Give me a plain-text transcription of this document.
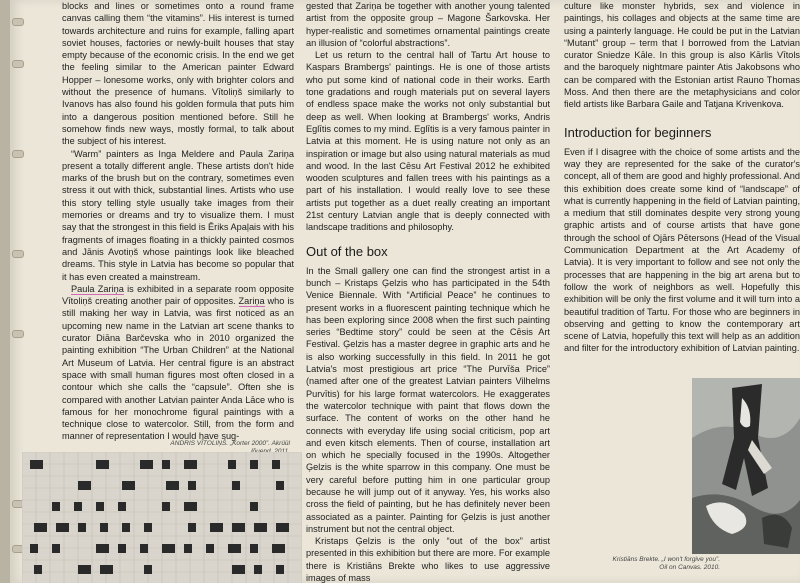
blocks and lines or sometimes onto a round frame canvas calling them “the vitamins”. His interest is turned towards architecture and ruins for example, falling apart soviet houses, factories or newly-built houses that stay empty because of the economic crisis. In the end we get the feeling similar to the American painter Edward Hopper – lonesome works, only with brighter colors and without the presence of humans. Vītoliņš similarly to Ivanovs has also found his golden formula that puts him into a dangerous position mentioned before. Still he somehow finds new ways, mostly formal, to talk about the subject of his interest.

“Warm” painters as Inga Meldere and Paula Zariņa present a totally different angle. These artists don't hide marks of the brush but on the contrary, sometimes even stress it out with thick, substantial lines. Artists who use this story telling style usually take images from their memories or dreams and try to visualize them. I must say that the strongest in this field is Ēriks Apaļais with his fragments of images floating in a thickly painted cosmos and Jānis Avotiņš whose paintings look like bleached dreams. This style in Latvia has become so popular that it has even created a mainstream.

Paula Zariņa is exhibited in a separate room opposite Vītoliņš creating another pair of opposites. Zariņa who is still making her way in Latvia, was first noticed as an upcoming new name in the Latvian art scene thanks to curator Diāna Barčevska who in 2010 organized the painting exhibition “The Urban Children” at the National Art Museum of Latvia. Her central figure is an abstract space with small human figures most often closed in a contour which she calls the “capsule”. Often she is compared with another Latvian painter Anda Lāce who is famous for her monochrome figural paintings with a technique close to watercolor. Still, from the form and manner of representation I would have sug-

gested that Zariņa be together with another young talented artist from the opposite group – Magone Šarkovska. Her hyper-realistic and sometimes ornamental paintings create an illusion of “colorful abstractions”.

Let us return to the central hall of Tartu Art house to Kaspars Brambergs' paintings. He is one of those artists who put some kind of national code in their works. Earth tone gradations and rough materials put on several layers of endless space make the works not only substantial but deep as well. When looking at Brambergs' works, Andris Eglītis comes to my mind. Eglītis is a very famous painter in Latvia at this moment. He is using nature not only as an inspiration or image but also using natural materials as mud and wood. In the last Cēsu Art Festival 2012 he exhibited wooden sculptures and fallen trees with his paintings as a part of his installation. I would really love to see these artists put together as a duet really creating an important 21st century Latvian angle that is deeply connected with landscape traditions and philosophy.

Out of the box

In the Small gallery one can find the strongest artist in a bunch – Kristaps Ģelzis who has participated in the 54th Venice Biennale. With “Artificial Peace” he continues to present works in a fluorescent painting technique which he has been exploring since 2008 when the first such painting series “Bedtime story” could be seen at the Cēsis Art Festival. Ģelzis has a master degree in graphic arts and he is also working successfully in this field. In 2011 he got Latvia's most prestigious art price “The Purvīša Price” (named after one of the greatest Latvian painters Vilhelms Purvītis) for his large format watercolors. He exaggerates the watercolor technique with paint that flows down the surface. The content of works on the other hand he connects with everyday life using social criticism, pop art and even kitsch elements. Then of course, installation art on which he specially focused in the 1990s. Altogether Ģelzis is the white sparrow in this company. One must be very careful before putting him in one particular group because he will jump out of it anyway. Yes, his works also cross the field of painting, but he has definitely never been associated as a painter. Painting for Ģelzis is just another instrument but not the central object.

Kristaps Ģelzis is the only “out of the box” artist presented in this exhibition but there are more. For example there is Kristiāns Brekte who likes to use aggressive images of mass

culture like monster hybrids, sex and violence in paintings, his collages and objects at the same time are using a painterly language. He could be put in the Latvian “Mutant” group – term that I borrowed from the Latvian curator Sniedze Kāle. In this group is also Kārlis Vītols and the baroquely nightmare painter Atis Jakobsons who can be compared with the Estonian artist Rauno Thomas Moss. And then there are the metaphysicians and color field artists like Barbara Gaile and Tatjana Krivenkova.

Introduction for beginners

Even if I disagree with the choice of some artists and the way they are represented for the sake of the curator's concept, all of them are good and highly professional. And this exhibition does create some kind of “landscape” of what is currently happening in the field of Latvian painting, a medium that still dominates despite very strong young graphic artists and of course artists that have gone through the school of Ojārs Pētersons (Head of the Visual Communication Department at the Art Academy of Latvia). It is very important to follow and see not only the processes that are happening in the big art arena but to follow the work of neighbors as well. Hopefully this exhibition will be only the first volume and it will turn into a beautiful tradition of Tartu. For those who are beginners in observing and getting to know the contemporary art scene of Latvia, hopefully this text will help as an addition and filter for the introductory exhibition of Latvian painting.

ANDRIS VĪTOLIŅŠ. „Korter 2000”. Akrüül
Kristiāns Brekte. „I won't forgive you”.
Oil on Canvas. 2010.
